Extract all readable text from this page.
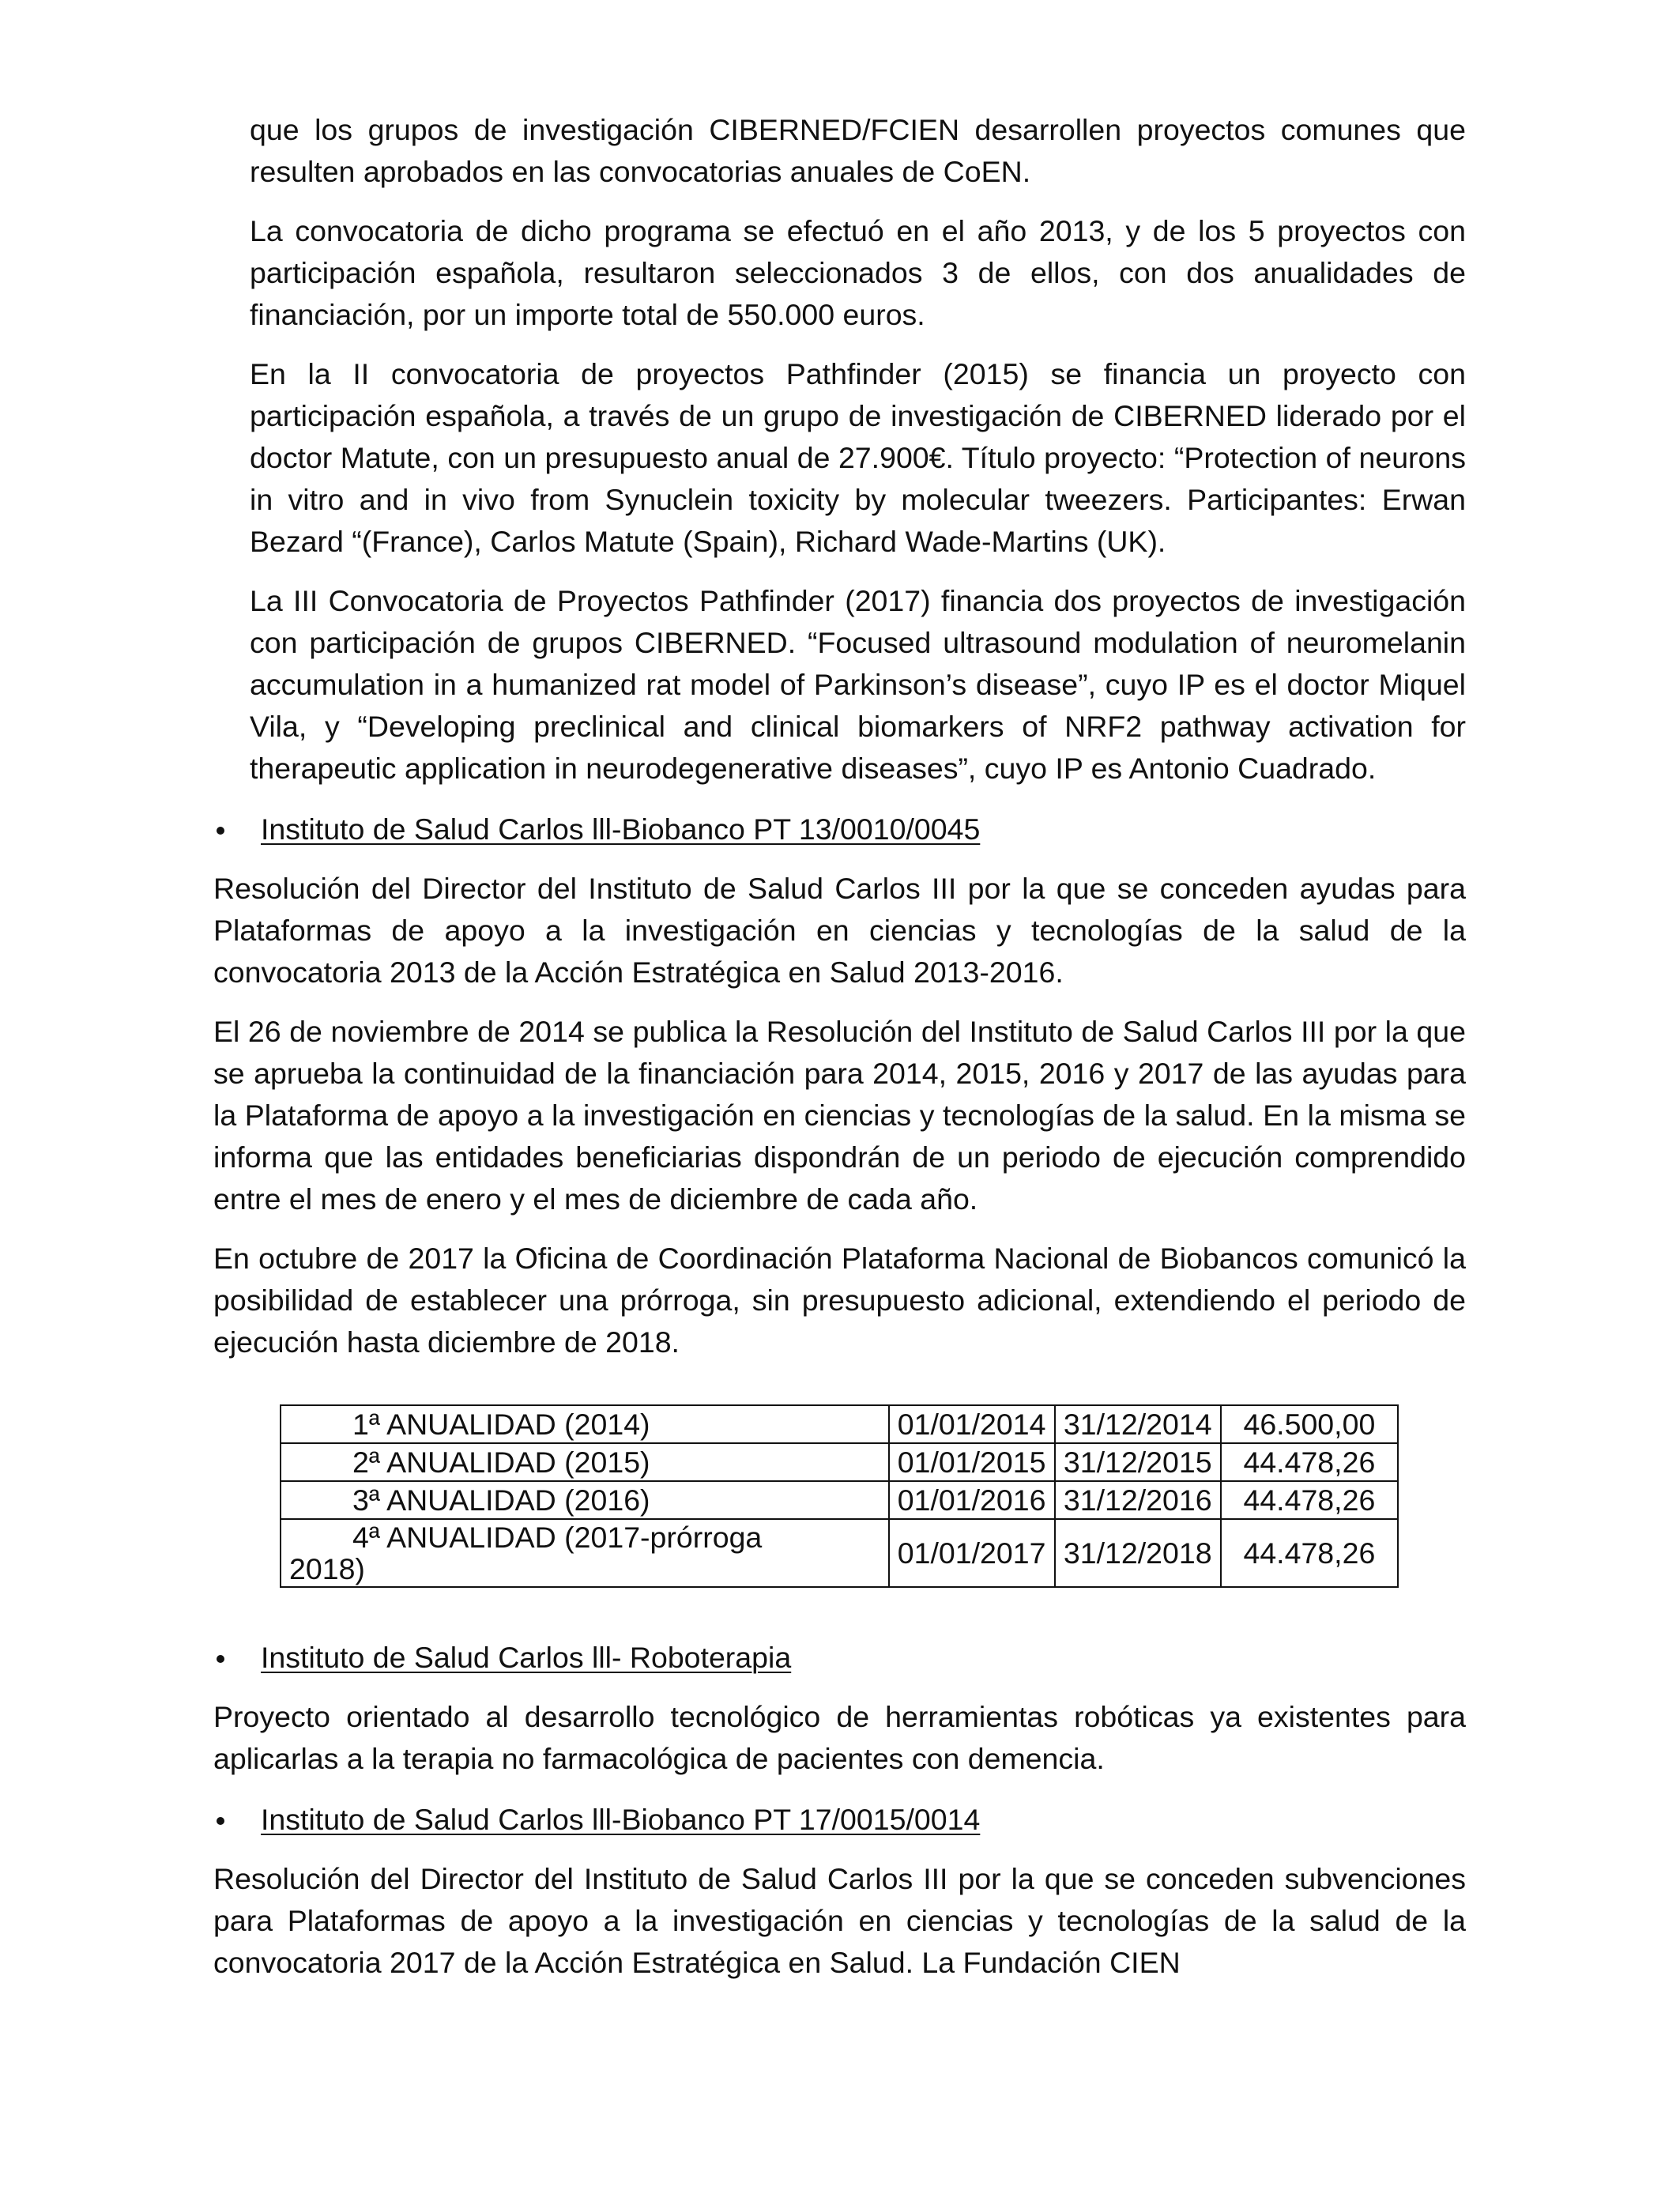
que los grupos de investigación CIBERNED/FCIEN desarrollen proyectos comunes que resulten aprobados en las convocatorias anuales de CoEN.

La convocatoria de dicho programa se efectuó en el año 2013, y de los 5 proyectos con participación española, resultaron seleccionados 3 de ellos, con dos anualidades de financiación, por un importe total de 550.000 euros.

En la II convocatoria de proyectos Pathfinder (2015) se financia un proyecto con participación española, a través de un grupo de investigación de CIBERNED liderado por el doctor Matute, con un presupuesto anual de 27.900€. Título proyecto: “Protection of neurons in vitro and in vivo from Synuclein toxicity by molecular tweezers. Participantes: Erwan Bezard “(France), Carlos Matute (Spain), Richard Wade-Martins (UK).

La III Convocatoria de Proyectos Pathfinder (2017) financia dos proyectos de investigación con participación de grupos CIBERNED. “Focused ultrasound modulation of neuromelanin accumulation in a humanized rat model of Parkinson’s disease”, cuyo IP es el doctor Miquel Vila, y “Developing preclinical and clinical biomarkers of NRF2 pathway activation for therapeutic application in neurodegenerative diseases”, cuyo IP es Antonio Cuadrado.

Instituto de Salud Carlos lll-Biobanco PT 13/0010/0045

Resolución del Director del Instituto de Salud Carlos III por la que se conceden ayudas para Plataformas de apoyo a la investigación en ciencias y tecnologías de la salud de la convocatoria 2013 de la Acción Estratégica en Salud 2013-2016.

El 26 de noviembre de 2014 se publica la Resolución del Instituto de Salud Carlos III por la que se aprueba la continuidad de la financiación para 2014, 2015, 2016 y 2017 de las ayudas para la Plataforma de apoyo a la investigación en ciencias y tecnologías de la salud. En la misma se informa que las entidades beneficiarias dispondrán de un periodo de ejecución comprendido entre el mes de enero y el mes de diciembre de cada año.

En octubre de 2017 la Oficina de Coordinación Plataforma Nacional de Biobancos comunicó la posibilidad de establecer una prórroga, sin presupuesto adicional, extendiendo el periodo de ejecución hasta diciembre de 2018.

1ª ANUALIDAD (2014)	01/01/2014	31/12/2014	46.500,00

2ª ANUALIDAD (2015)	01/01/2015	31/12/2015	44.478,26

3ª ANUALIDAD (2016)	01/01/2016	31/12/2016	44.478,26

4ª ANUALIDAD (2017-prórroga
2018)	01/01/2017	31/12/2018	44.478,26
Instituto de Salud Carlos lll- Roboterapia

Proyecto orientado al desarrollo tecnológico de herramientas robóticas ya existentes para aplicarlas a la terapia no farmacológica de pacientes con demencia.

Instituto de Salud Carlos lll-Biobanco PT 17/0015/0014

Resolución del Director del Instituto de Salud Carlos III por la que se conceden subvenciones para Plataformas de apoyo a la investigación en ciencias y tecnologías de la salud de la convocatoria 2017 de la Acción Estratégica en Salud. La Fundación CIEN
